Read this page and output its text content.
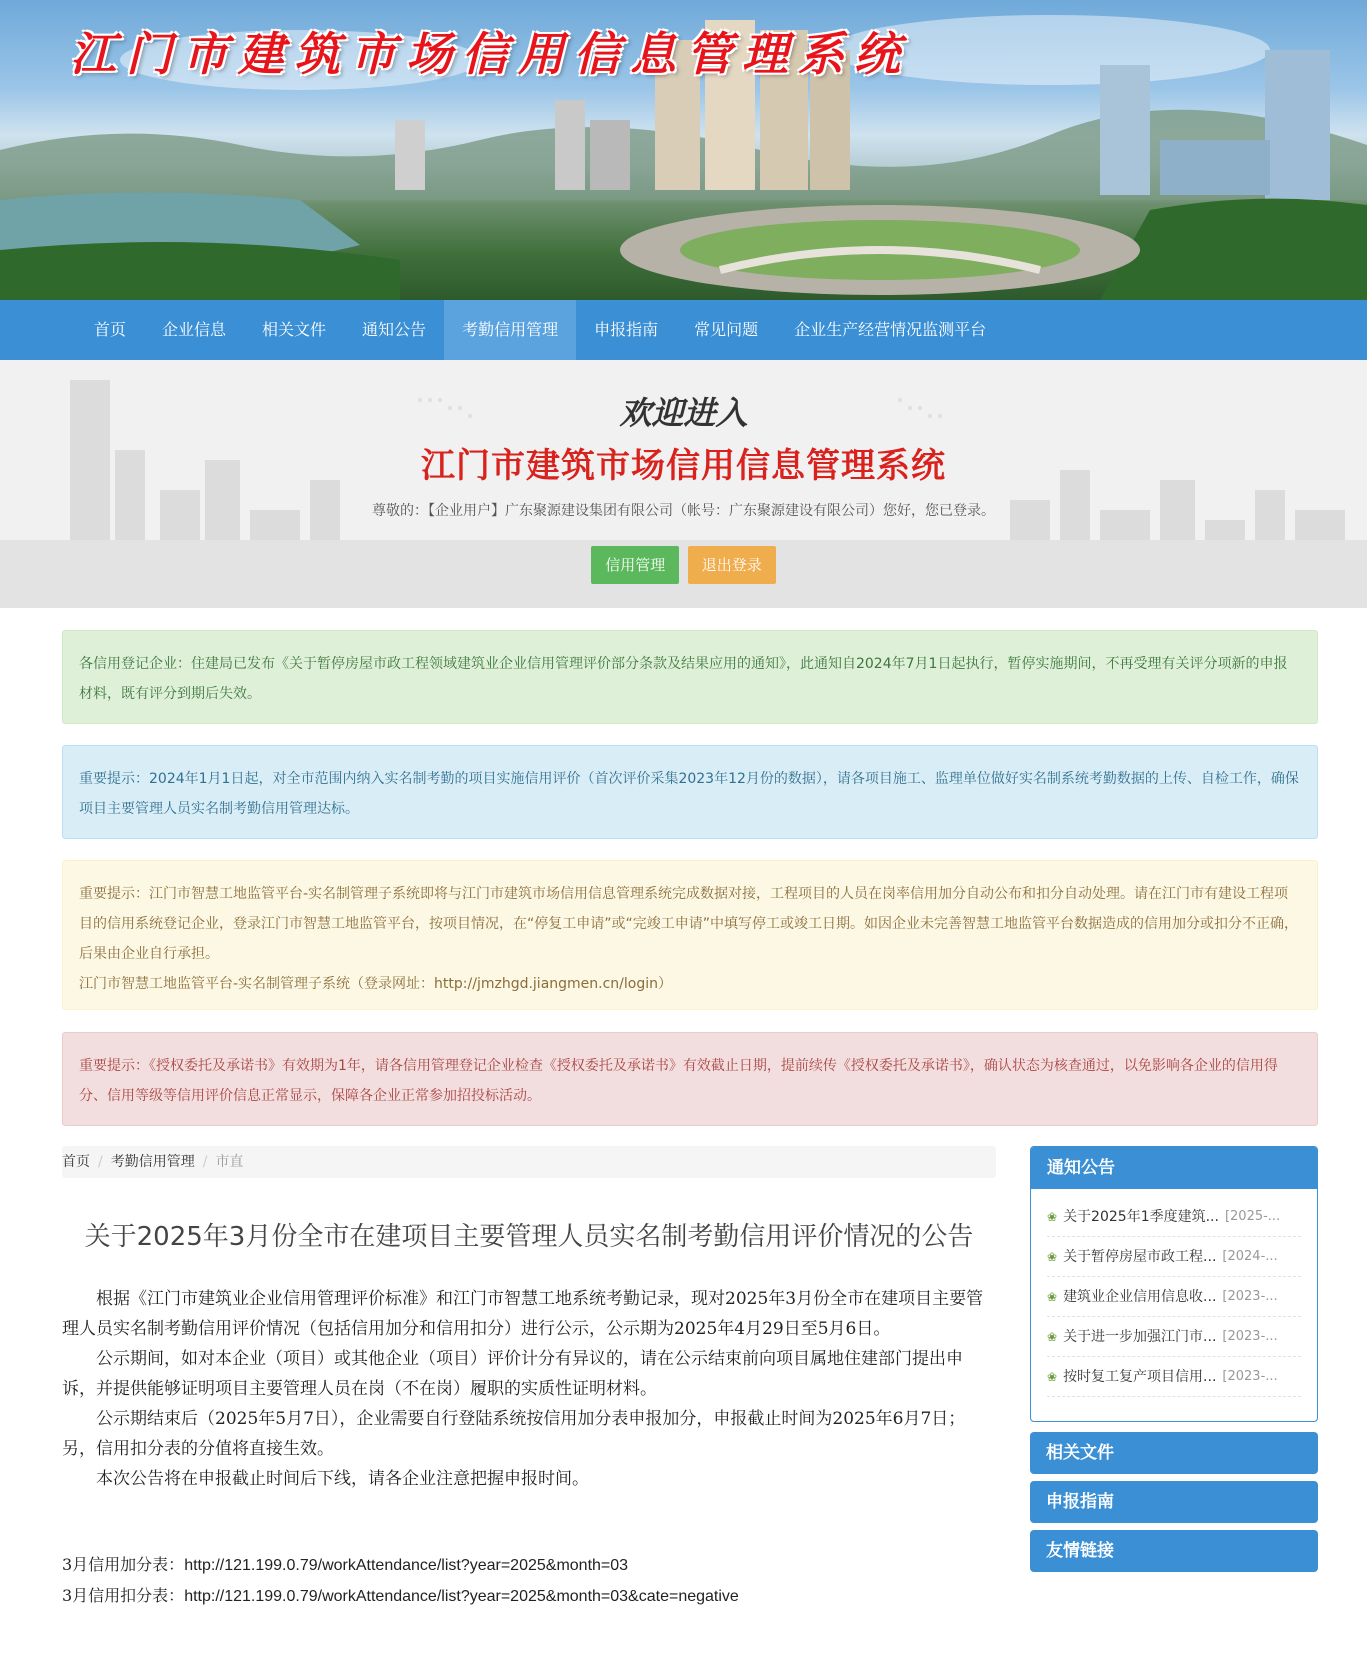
江门市建筑市场信用信息管理系统
首页	企业信息	相关文件	通知公告	考勤信用管理	申报指南	常见问题	企业生产经营情况监测平台
欢迎进入
江门市建筑市场信用信息管理系统
尊敬的：【企业用户】广东聚源建设集团有限公司（帐号：广东聚源建设有限公司）您好，您已登录。
信用管理 退出登录
各信用登记企业：住建局已发布《关于暂停房屋市政工程领域建筑业企业信用管理评价部分条款及结果应用的通知》，此通知自2024年7月1日起执行，暂停实施期间，不再受理有关评分项新的申报材料，既有评分到期后失效。
重要提示：2024年1月1日起，对全市范围内纳入实名制考勤的项目实施信用评价（首次评价采集2023年12月份的数据），请各项目施工、监理单位做好实名制系统考勤数据的上传、自检工作，确保项目主要管理人员实名制考勤信用管理达标。
重要提示：江门市智慧工地监管平台-实名制管理子系统即将与江门市建筑市场信用信息管理系统完成数据对接，工程项目的人员在岗率信用加分自动公布和扣分自动处理。请在江门市有建设工程项目的信用系统登记企业，登录江门市智慧工地监管平台，按项目情况，在“停复工申请”或“完竣工申请”中填写停工或竣工日期。如因企业未完善智慧工地监管平台数据造成的信用加分或扣分不正确，后果由企业自行承担。
江门市智慧工地监管平台-实名制管理子系统（登录网址：http://jmzhgd.jiangmen.cn/login）
重要提示：《授权委托及承诺书》有效期为1年，请各信用管理登记企业检查《授权委托及承诺书》有效截止日期，提前续传《授权委托及承诺书》，确认状态为核查通过，以免影响各企业的信用得分、信用等级等信用评价信息正常显示，保障各企业正常参加招投标活动。
首页 / 考勤信用管理 / 市直
关于2025年3月份全市在建项目主要管理人员实名制考勤信用评价情况的公告

根据《江门市建筑业企业信用管理评价标准》和江门市智慧工地系统考勤记录，现对2025年3月份全市在建项目主要管理人员实名制考勤信用评价情况（包括信用加分和信用扣分）进行公示，公示期为2025年4月29日至5月6日。

公示期间，如对本企业（项目）或其他企业（项目）评价计分有异议的，请在公示结束前向项目属地住建部门提出申诉，并提供能够证明项目主要管理人员在岗（不在岗）履职的实质性证明材料。

公示期结束后（2025年5月7日），企业需要自行登陆系统按信用加分表申报加分，申报截止时间为2025年6月7日；另，信用扣分表的分值将直接生效。

本次公告将在申报截止时间后下线，请各企业注意把握申报时间。

3月信用加分表：http://121.199.0.79/workAttendance/list?year=2025&month=03
3月信用扣分表：http://121.199.0.79/workAttendance/list?year=2025&month=03&cate=negative
通知公告
❀ 关于2025年1季度建筑... [2025-...
❀ 关于暂停房屋市政工程... [2024-...
❀ 建筑业企业信用信息收... [2023-...
❀ 关于进一步加强江门市... [2023-...
❀ 按时复工复产项目信用... [2023-...
相关文件
申报指南
友情链接
